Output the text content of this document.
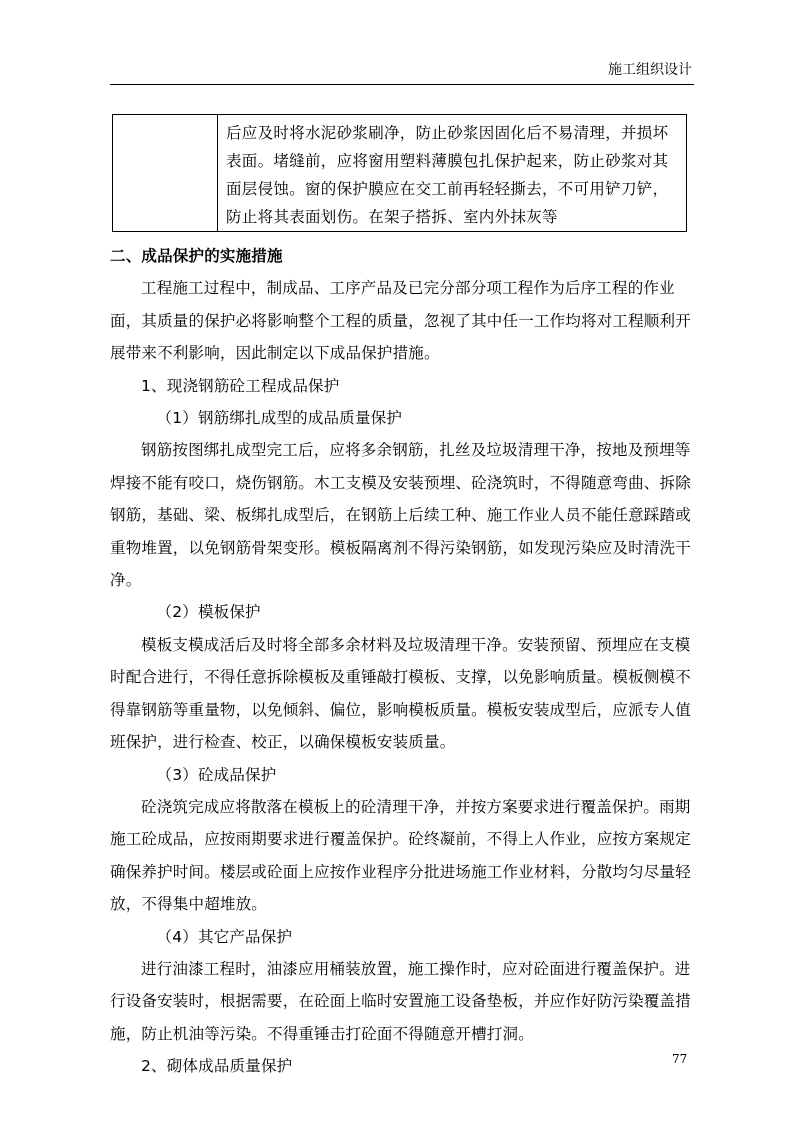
施工组织设计
	后应及时将水泥砂浆刷净，防止砂浆因固化后不易清理，并损坏表面。堵缝前，应将窗用塑料薄膜包扎保护起来，防止砂浆对其面层侵蚀。窗的保护膜应在交工前再轻轻撕去，不可用铲刀铲，防止将其表面划伤。在架子搭拆、室内外抹灰等

二、成品保护的实施措施

工程施工过程中，制成品、工序产品及已完分部分项工程作为后序工程的作业面，其质量的保护必将影响整个工程的质量，忽视了其中任一工作均将对工程顺利开展带来不利影响，因此制定以下成品保护措施。

1、现浇钢筋砼工程成品保护

（1）钢筋绑扎成型的成品质量保护

钢筋按图绑扎成型完工后，应将多余钢筋，扎丝及垃圾清理干净，按地及预埋等焊接不能有咬口，烧伤钢筋。木工支模及安装预埋、砼浇筑时，不得随意弯曲、拆除钢筋，基础、梁、板绑扎成型后，在钢筋上后续工种、施工作业人员不能任意踩踏或重物堆置，以免钢筋骨架变形。模板隔离剂不得污染钢筋，如发现污染应及时清洗干净。

（2）模板保护

模板支模成活后及时将全部多余材料及垃圾清理干净。安装预留、预埋应在支模时配合进行，不得任意拆除模板及重锤敲打模板、支撑，以免影响质量。模板侧模不得靠钢筋等重量物，以免倾斜、偏位，影响模板质量。模板安装成型后，应派专人值班保护，进行检查、校正，以确保模板安装质量。

（3）砼成品保护

砼浇筑完成应将散落在模板上的砼清理干净，并按方案要求进行覆盖保护。雨期施工砼成品，应按雨期要求进行覆盖保护。砼终凝前，不得上人作业，应按方案规定确保养护时间。楼层或砼面上应按作业程序分批进场施工作业材料，分散均匀尽量轻放，不得集中超堆放。

（4）其它产品保护

进行油漆工程时，油漆应用桶装放置，施工操作时，应对砼面进行覆盖保护。进行设备安装时，根据需要，在砼面上临时安置施工设备垫板，并应作好防污染覆盖措施，防止机油等污染。不得重锤击打砼面不得随意开槽打洞。

2、砌体成品质量保护	77
